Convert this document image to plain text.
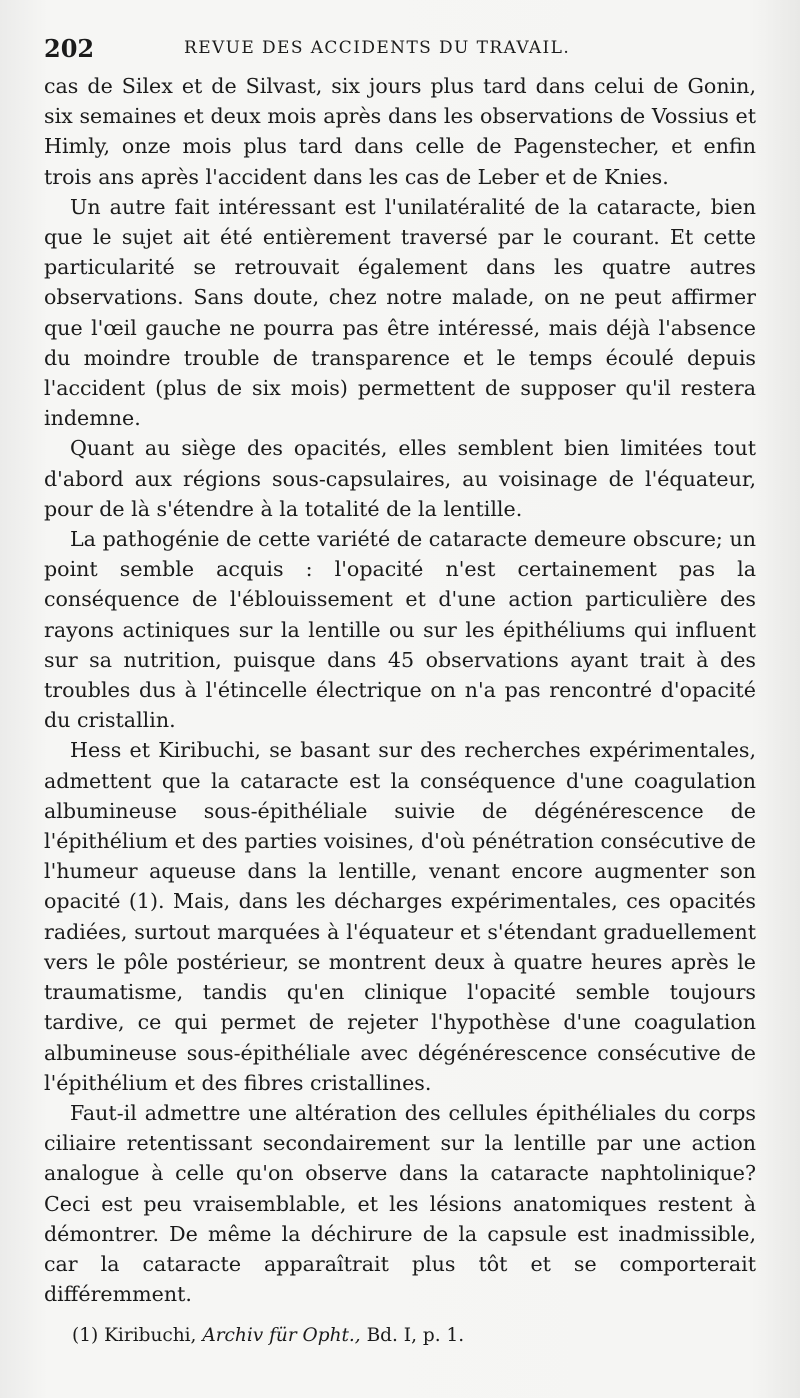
202	REVUE DES ACCIDENTS DU TRAVAIL.

cas de Silex et de Silvast, six jours plus tard dans celui de Gonin, six semaines et deux mois après dans les observations de Vossius et Himly, onze mois plus tard dans celle de Pagenstecher, et enfin trois ans après l'accident dans les cas de Leber et de Knies.

Un autre fait intéressant est l'unilatéralité de la cataracte, bien que le sujet ait été entièrement traversé par le courant. Et cette particularité se retrouvait également dans les quatre autres observations. Sans doute, chez notre malade, on ne peut affirmer que l'œil gauche ne pourra pas être intéressé, mais déjà l'absence du moindre trouble de transparence et le temps écoulé depuis l'accident (plus de six mois) permettent de supposer qu'il restera indemne.

Quant au siège des opacités, elles semblent bien limitées tout d'abord aux régions sous-capsulaires, au voisinage de l'équateur, pour de là s'étendre à la totalité de la lentille.

La pathogénie de cette variété de cataracte demeure obscure; un point semble acquis : l'opacité n'est certainement pas la conséquence de l'éblouissement et d'une action particulière des rayons actiniques sur la lentille ou sur les épithéliums qui influent sur sa nutrition, puisque dans 45 observations ayant trait à des troubles dus à l'étincelle électrique on n'a pas rencontré d'opacité du cristallin.

Hess et Kiribuchi, se basant sur des recherches expérimentales, admettent que la cataracte est la conséquence d'une coagulation albumineuse sous-épithéliale suivie de dégénérescence de l'épithélium et des parties voisines, d'où pénétration consécutive de l'humeur aqueuse dans la lentille, venant encore augmenter son opacité (1). Mais, dans les décharges expérimentales, ces opacités radiées, surtout marquées à l'équateur et s'étendant graduellement vers le pôle postérieur, se montrent deux à quatre heures après le traumatisme, tandis qu'en clinique l'opacité semble toujours tardive, ce qui permet de rejeter l'hypothèse d'une coagulation albumineuse sous-épithéliale avec dégénérescence consécutive de l'épithélium et des fibres cristallines.

Faut-il admettre une altération des cellules épithéliales du corps ciliaire retentissant secondairement sur la lentille par une action analogue à celle qu'on observe dans la cataracte naphtolinique? Ceci est peu vraisemblable, et les lésions anatomiques restent à démontrer. De même la déchirure de la capsule est inadmissible, car la cataracte apparaîtrait plus tôt et se comporterait différemment.

(1) Kiribuchi, Archiv für Opht., Bd. I, p. 1.
